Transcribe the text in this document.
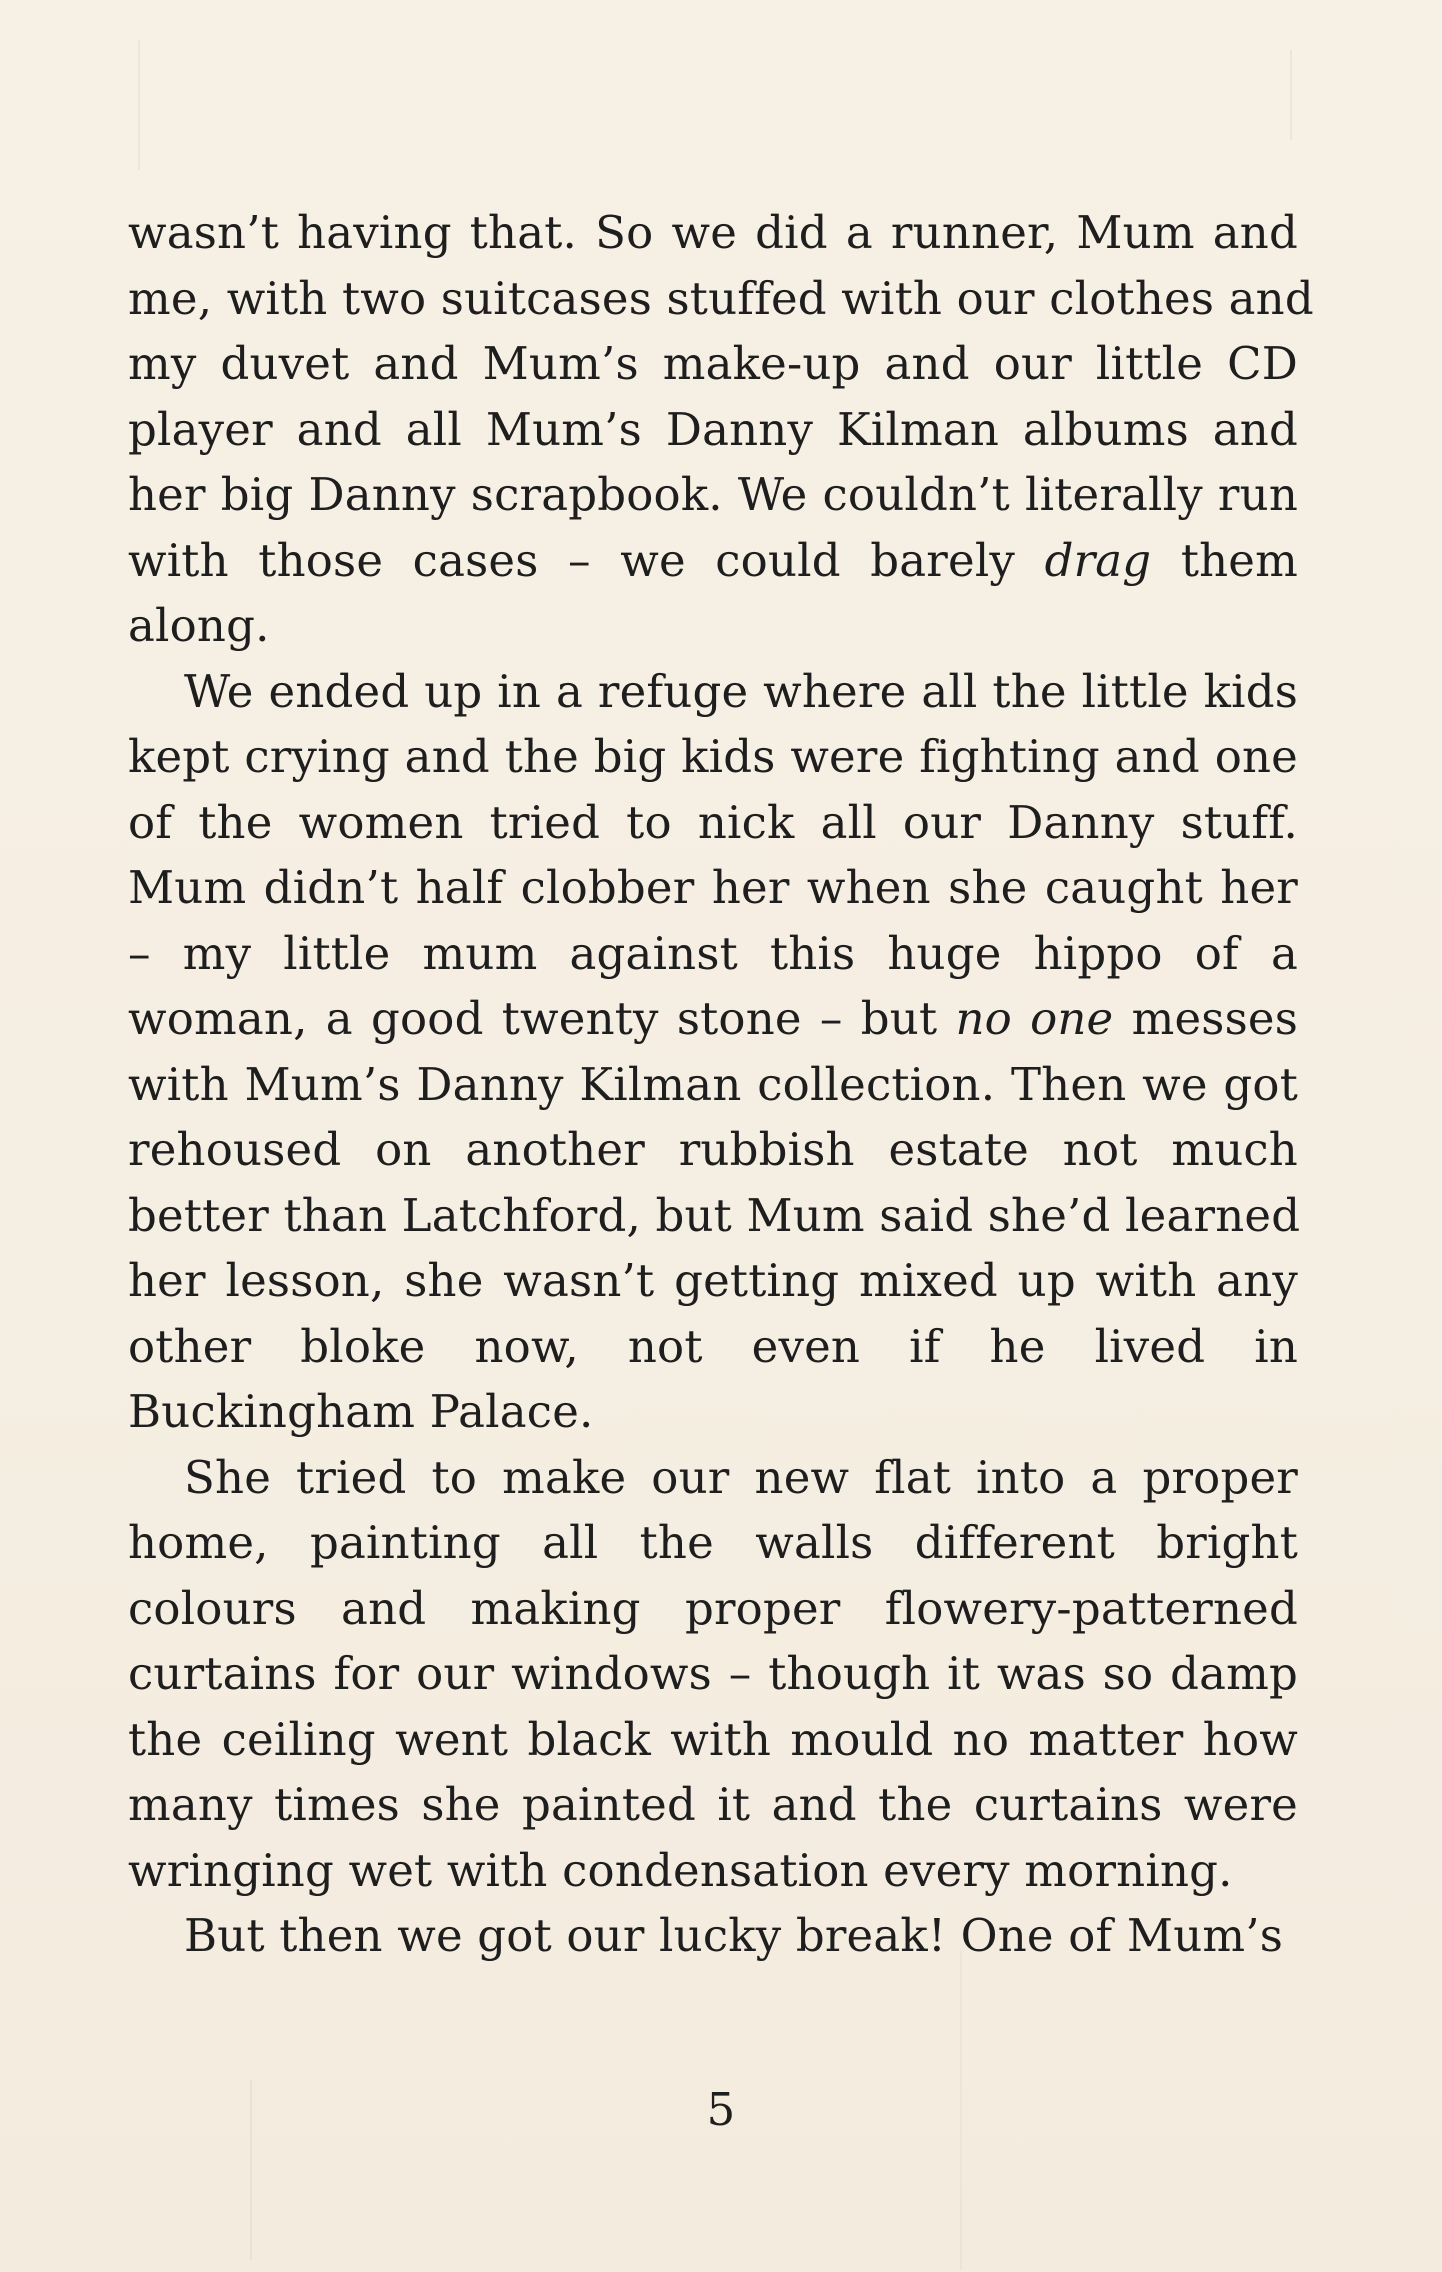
wasn’t having that. So we did a runner, Mum and
me, with two suitcases stuffed with our clothes and
my duvet and Mum’s make-up and our little CD
player and all Mum’s Danny Kilman albums and
her big Danny scrapbook. We couldn’t literally run
with those cases – we could barely drag them
along.
We ended up in a refuge where all the little kids
kept crying and the big kids were fighting and one
of the women tried to nick all our Danny stuff.
Mum didn’t half clobber her when she caught her
– my little mum against this huge hippo of a
woman, a good twenty stone – but no one messes
with Mum’s Danny Kilman collection. Then we got
rehoused on another rubbish estate not much
better than Latchford, but Mum said she’d learned
her lesson, she wasn’t getting mixed up with any
other bloke now, not even if he lived in
Buckingham Palace.
She tried to make our new flat into a proper
home, painting all the walls different bright
colours and making proper flowery-patterned
curtains for our windows – though it was so damp
the ceiling went black with mould no matter how
many times she painted it and the curtains were
wringing wet with condensation every morning.
But then we got our lucky break! One of Mum’s
5
